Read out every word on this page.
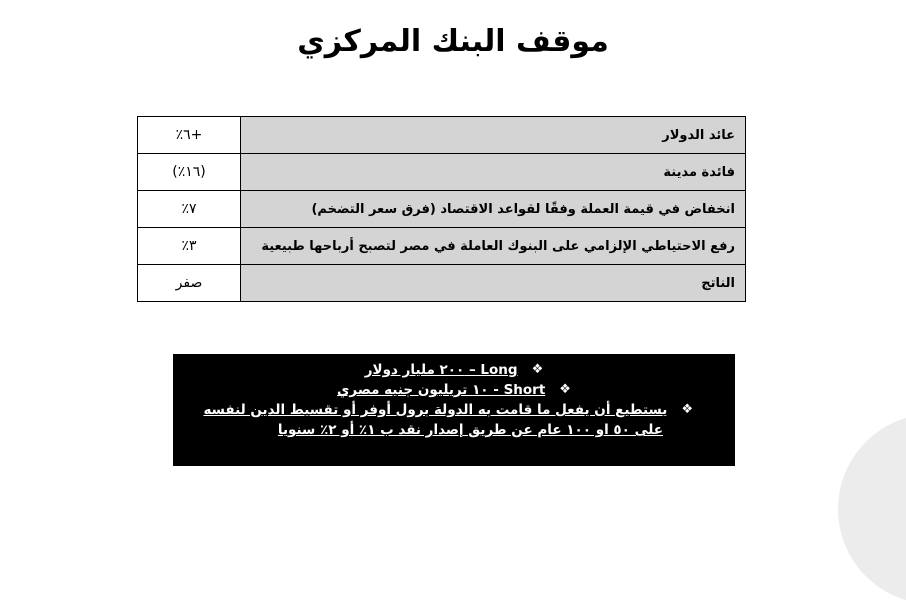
موقف البنك المركزي
عائد الدولار	+٦٪
فائدة مدينة	(١٦٪)
انخفاض في قيمة العملة وفقًا لقواعد الاقتصاد (فرق سعر التضخم)	٧٪
رفع الاحتياطي الإلزامي على البنوك العاملة في مصر لتصبح أرباحها طبيعية	٣٪
الناتج	صفر
❖
Long – ٢٠٠ مليار دولار
❖
Short - ١٠ تريليون جنيه مصري
❖
يستطيع أن يفعل ما قامت به الدولة برول أوفر أو تقسيط الدين لنفسه
على ٥٠ او ١٠٠ عام عن طريق إصدار نقد ب ١٪ أو ٢٪ سنويا
